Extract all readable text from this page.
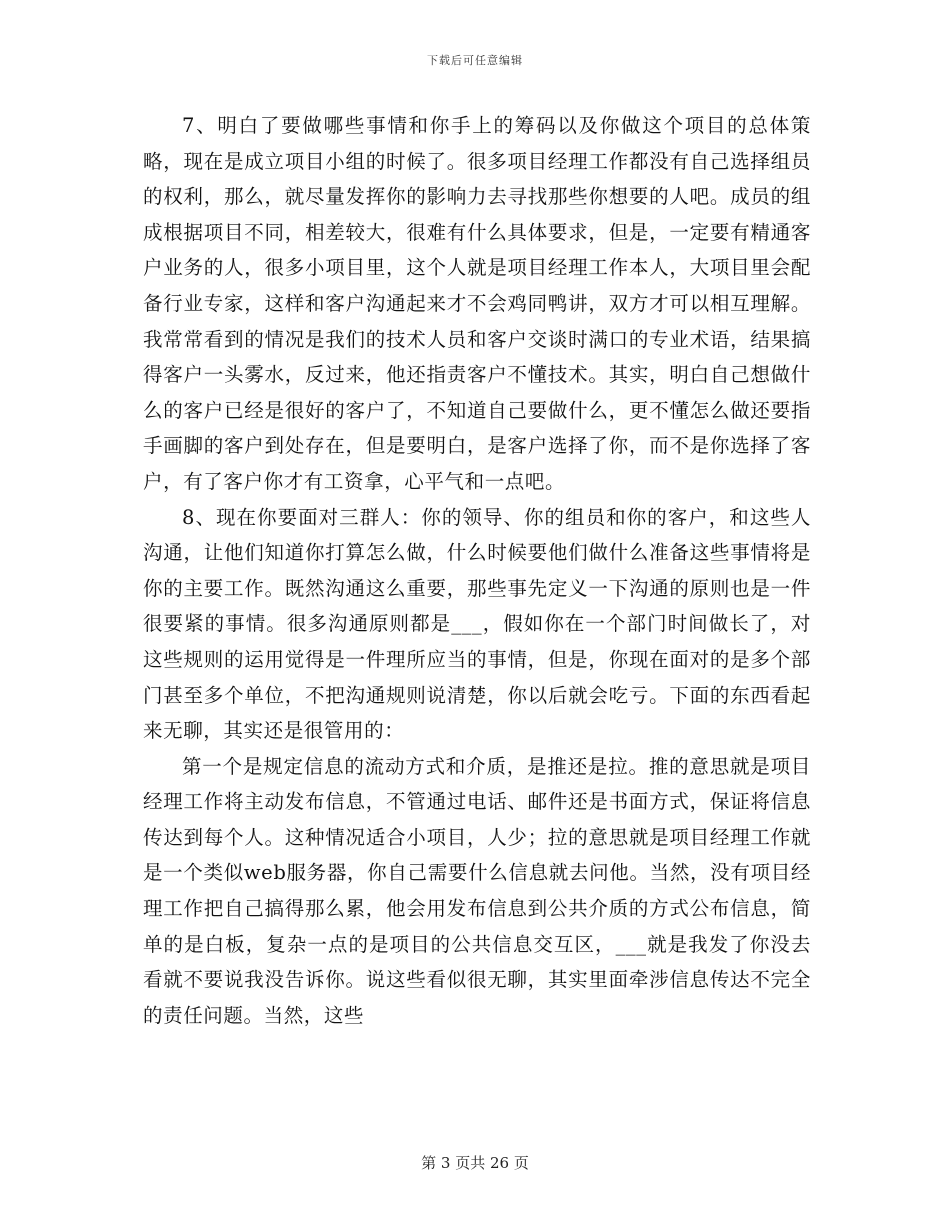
下载后可任意编辑

7、明白了要做哪些事情和你手上的筹码以及你做这个项目的总体策略，现在是成立项目小组的时候了。很多项目经理工作都没有自己选择组员的权利，那么，就尽量发挥你的影响力去寻找那些你想要的人吧。成员的组成根据项目不同，相差较大，很难有什么具体要求，但是，一定要有精通客户业务的人，很多小项目里，这个人就是项目经理工作本人，大项目里会配备行业专家，这样和客户沟通起来才不会鸡同鸭讲，双方才可以相互理解。我常常看到的情况是我们的技术人员和客户交谈时满口的专业术语，结果搞得客户一头雾水，反过来，他还指责客户不懂技术。其实，明白自己想做什么的客户已经是很好的客户了，不知道自己要做什么，更不懂怎么做还要指手画脚的客户到处存在，但是要明白，是客户选择了你，而不是你选择了客户，有了客户你才有工资拿，心平气和一点吧。

8、现在你要面对三群人：你的领导、你的组员和你的客户，和这些人沟通，让他们知道你打算怎么做，什么时候要他们做什么准备这些事情将是你的主要工作。既然沟通这么重要，那些事先定义一下沟通的原则也是一件很要紧的事情。很多沟通原则都是___，假如你在一个部门时间做长了，对这些规则的运用觉得是一件理所应当的事情，但是，你现在面对的是多个部门甚至多个单位，不把沟通规则说清楚，你以后就会吃亏。下面的东西看起来无聊，其实还是很管用的：

第一个是规定信息的流动方式和介质，是推还是拉。推的意思就是项目经理工作将主动发布信息，不管通过电话、邮件还是书面方式，保证将信息传达到每个人。这种情况适合小项目，人少；拉的意思就是项目经理工作就是一个类似web服务器，你自己需要什么信息就去问他。当然，没有项目经理工作把自己搞得那么累，他会用发布信息到公共介质的方式公布信息，简单的是白板，复杂一点的是项目的公共信息交互区，___就是我发了你没去看就不要说我没告诉你。说这些看似很无聊，其实里面牵涉信息传达不完全的责任问题。当然，这些

第 3 页共 26 页
